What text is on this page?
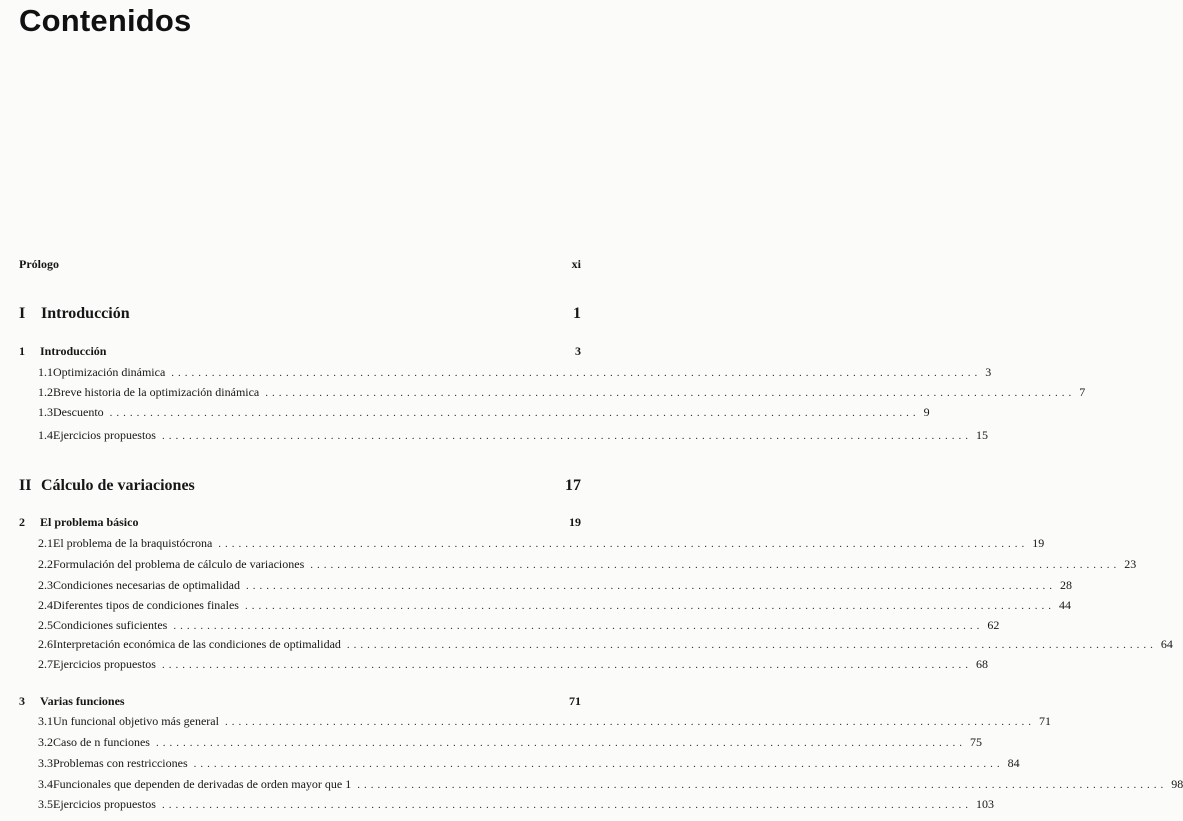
Contenidos
Prólogo	xi
I Introducción	1
1	Introducción	3
1.1 Optimización dinámica ........................................................................................................................ 3
1.2 Breve historia de la optimización dinámica ........................................................................................................................ 7
1.3 Descuento ........................................................................................................................ 9
1.4 Ejercicios propuestos ........................................................................................................................ 15
II Cálculo de variaciones	17
2	El problema básico	19
2.1 El problema de la braquistócrona ........................................................................................................................ 19
2.2 Formulación del problema de cálculo de variaciones ........................................................................................................................ 23
2.3 Condiciones necesarias de optimalidad ........................................................................................................................ 28
2.4 Diferentes tipos de condiciones finales ........................................................................................................................ 44
2.5 Condiciones suficientes ........................................................................................................................ 62
2.6 Interpretación económica de las condiciones de optimalidad ........................................................................................................................ 64
2.7 Ejercicios propuestos ........................................................................................................................ 68
3	Varias funciones	71
3.1 Un funcional objetivo más general ........................................................................................................................ 71
3.2 Caso de n funciones ........................................................................................................................ 75
3.3 Problemas con restricciones ........................................................................................................................ 84
3.4 Funcionales que dependen de derivadas de orden mayor que 1 ........................................................................................................................ 98
3.5 Ejercicios propuestos ........................................................................................................................ 103
